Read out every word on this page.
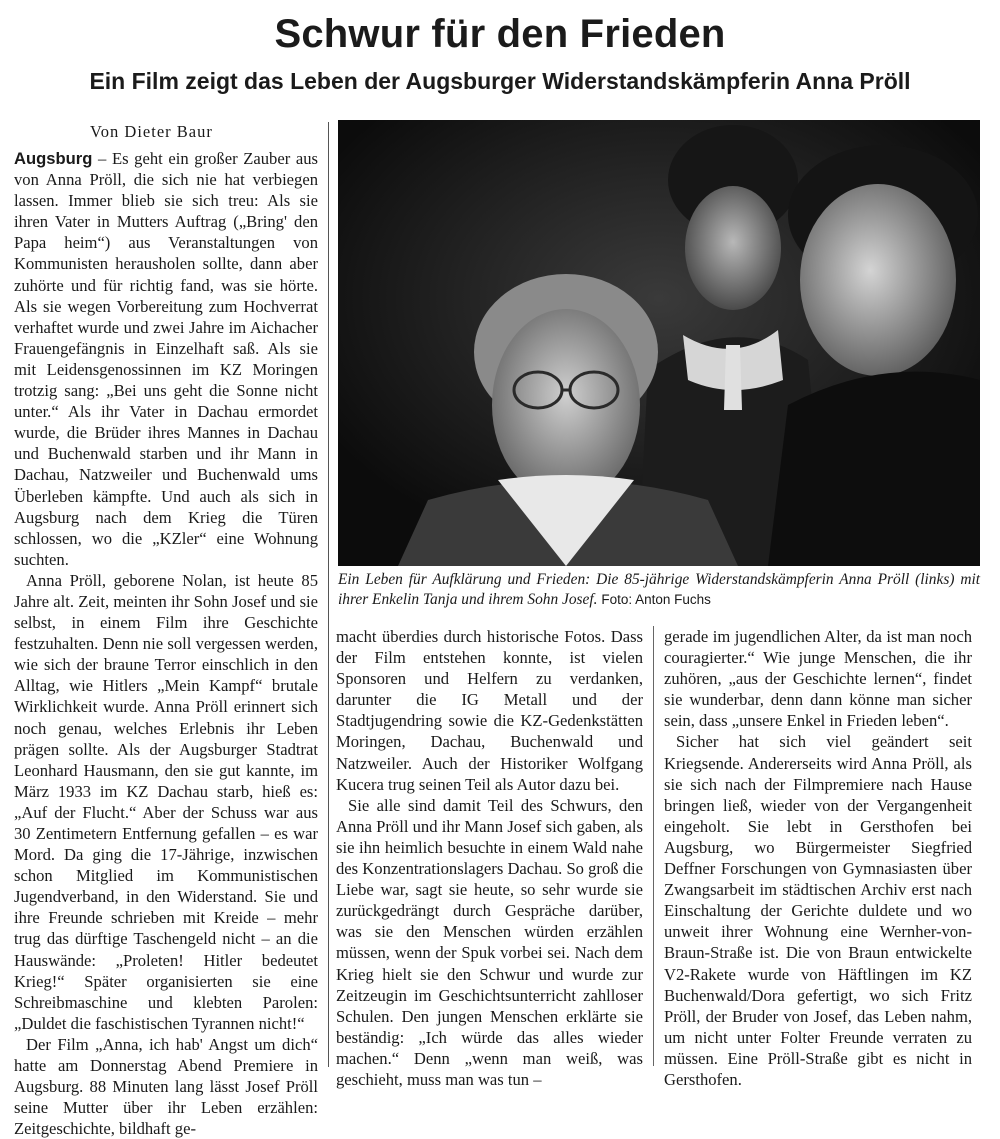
Schwur für den Frieden
Ein Film zeigt das Leben der Augsburger Widerstandskämpferin Anna Pröll
Von Dieter Baur

Augsburg – Es geht ein großer Zauber aus von Anna Pröll, die sich nie hat verbiegen lassen. Immer blieb sie sich treu: Als sie ihren Vater in Mutters Auftrag („Bring' den Papa heim“) aus Veranstaltungen von Kommunisten herausholen sollte, dann aber zuhörte und für richtig fand, was sie hörte. Als sie wegen Vorbereitung zum Hochverrat verhaftet wurde und zwei Jahre im Aichacher Frauengefängnis in Einzelhaft saß. Als sie mit Leidensgenossinnen im KZ Moringen trotzig sang: „Bei uns geht die Sonne nicht unter.“ Als ihr Vater in Dachau ermordet wurde, die Brüder ihres Mannes in Dachau und Buchenwald starben und ihr Mann in Dachau, Natzweiler und Buchenwald ums Überleben kämpfte. Und auch als sich in Augsburg nach dem Krieg die Türen schlossen, wo die „KZler“ eine Wohnung suchten.

Anna Pröll, geborene Nolan, ist heute 85 Jahre alt. Zeit, meinten ihr Sohn Josef und sie selbst, in einem Film ihre Geschichte festzuhalten. Denn nie soll vergessen werden, wie sich der braune Terror einschlich in den Alltag, wie Hitlers „Mein Kampf“ brutale Wirklichkeit wurde. Anna Pröll erinnert sich noch genau, welches Erlebnis ihr Leben prägen sollte. Als der Augsburger Stadtrat Leonhard Hausmann, den sie gut kannte, im März 1933 im KZ Dachau starb, hieß es: „Auf der Flucht.“ Aber der Schuss war aus 30 Zentimetern Entfernung gefallen – es war Mord. Da ging die 17-Jährige, inzwischen schon Mitglied im Kommunistischen Jugendverband, in den Widerstand. Sie und ihre Freunde schrieben mit Kreide – mehr trug das dürftige Taschengeld nicht – an die Hauswände: „Proleten! Hitler bedeutet Krieg!“ Später organisierten sie eine Schreibmaschine und klebten Parolen: „Duldet die faschistischen Tyrannen nicht!“

Der Film „Anna, ich hab' Angst um dich“ hatte am Donnerstag Abend Premiere in Augsburg. 88 Minuten lang lässt Josef Pröll seine Mutter über ihr Leben erzählen: Zeitgeschichte, bildhaft ge-

Ein Leben für Aufklärung und Frieden: Die 85-jährige Widerstandskämpferin Anna Pröll (links) mit ihrer Enkelin Tanja und ihrem Sohn Josef. Foto: Anton Fuchs

macht überdies durch historische Fotos. Dass der Film entstehen konnte, ist vielen Sponsoren und Helfern zu verdanken, darunter die IG Metall und der Stadtjugendring sowie die KZ-Gedenkstätten Moringen, Dachau, Buchenwald und Natzweiler. Auch der Historiker Wolfgang Kucera trug seinen Teil als Autor dazu bei.

Sie alle sind damit Teil des Schwurs, den Anna Pröll und ihr Mann Josef sich gaben, als sie ihn heimlich besuchte in einem Wald nahe des Konzentrationslagers Dachau. So groß die Liebe war, sagt sie heute, so sehr wurde sie zurückgedrängt durch Gespräche darüber, was sie den Menschen würden erzählen müssen, wenn der Spuk vorbei sei. Nach dem Krieg hielt sie den Schwur und wurde zur Zeitzeugin im Geschichtsunterricht zahlloser Schulen. Den jungen Menschen erklärte sie beständig: „Ich würde das alles wieder machen.“ Denn „wenn man weiß, was geschieht, muss man was tun –

gerade im jugendlichen Alter, da ist man noch couragierter.“ Wie junge Menschen, die ihr zuhören, „aus der Geschichte lernen“, findet sie wunderbar, denn dann könne man sicher sein, dass „unsere Enkel in Frieden leben“.

Sicher hat sich viel geändert seit Kriegsende. Andererseits wird Anna Pröll, als sie sich nach der Filmpremiere nach Hause bringen ließ, wieder von der Vergangenheit eingeholt. Sie lebt in Gersthofen bei Augsburg, wo Bürgermeister Siegfried Deffner Forschungen von Gymnasiasten über Zwangsarbeit im städtischen Archiv erst nach Einschaltung der Gerichte duldete und wo unweit ihrer Wohnung eine Wernher-von-Braun-Straße ist. Die von Braun entwickelte V2-Rakete wurde von Häftlingen im KZ Buchenwald/Dora gefertigt, wo sich Fritz Pröll, der Bruder von Josef, das Leben nahm, um nicht unter Folter Freunde verraten zu müssen. Eine Pröll-Straße gibt es nicht in Gersthofen.
